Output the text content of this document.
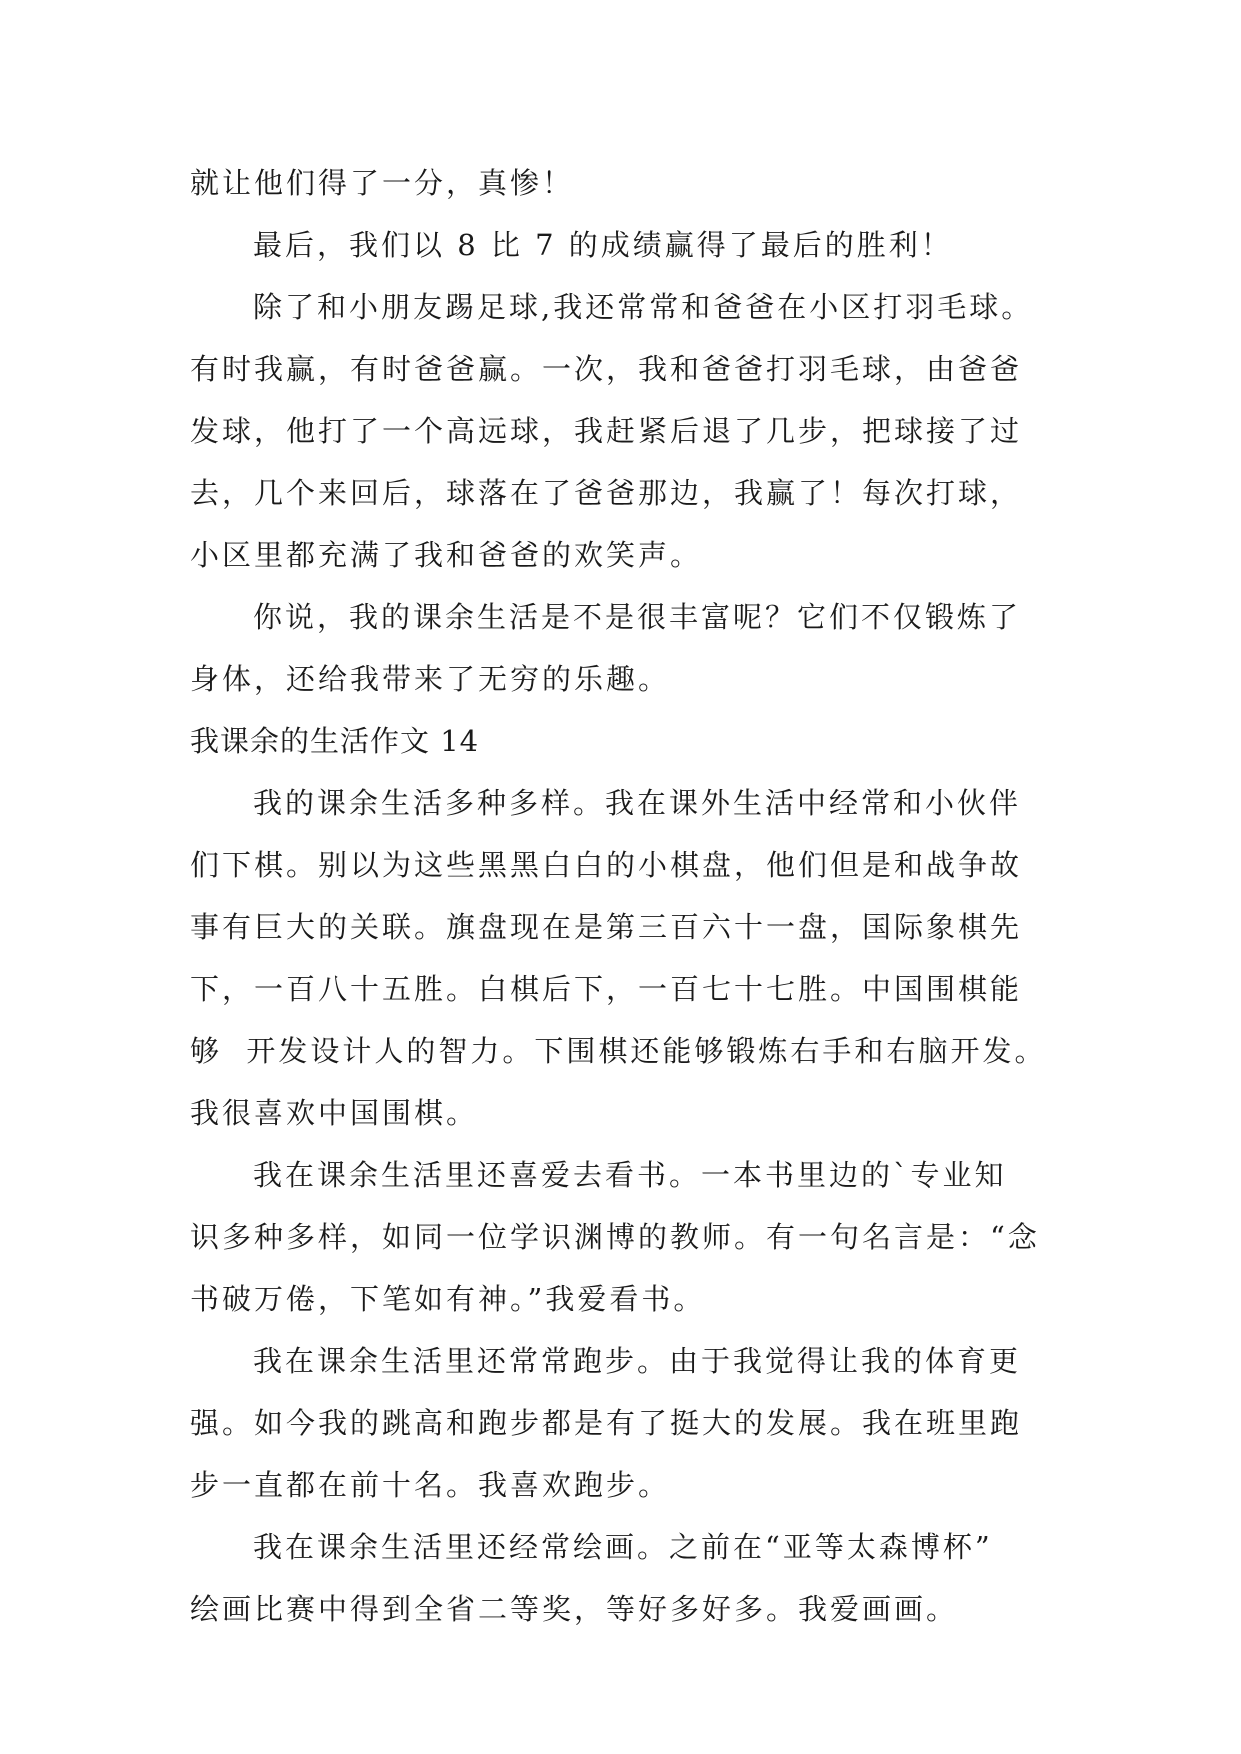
就让他们得了一分，真惨！
最后，我们以 8 比 7 的成绩赢得了最后的胜利！
除了和小朋友踢足球,我还常常和爸爸在小区打羽毛球。
有时我赢，有时爸爸赢。一次，我和爸爸打羽毛球，由爸爸
发球，他打了一个高远球，我赶紧后退了几步，把球接了过
去，几个来回后，球落在了爸爸那边，我赢了！每次打球，
小区里都充满了我和爸爸的欢笑声。
你说，我的课余生活是不是很丰富呢？它们不仅锻炼了
身体，还给我带来了无穷的乐趣。
我课余的生活作文 14
我的课余生活多种多样。我在课外生活中经常和小伙伴
们下棋。别以为这些黑黑白白的小棋盘，他们但是和战争故
事有巨大的关联。旗盘现在是第三百六十一盘，国际象棋先
下，一百八十五胜。白棋后下，一百七十七胜。中国围棋能
够  开发设计人的智力。下围棋还能够锻炼右手和右脑开发。
我很喜欢中国围棋。
我在课余生活里还喜爱去看书。一本书里边的`专业知
识多种多样，如同一位学识渊博的教师。有一句名言是：“念
书破万倦，下笔如有神。”我爱看书。
我在课余生活里还常常跑步。由于我觉得让我的体育更
强。如今我的跳高和跑步都是有了挺大的发展。我在班里跑
步一直都在前十名。我喜欢跑步。
我在课余生活里还经常绘画。之前在“亚等太森博杯”
绘画比赛中得到全省二等奖，等好多好多。我爱画画。
